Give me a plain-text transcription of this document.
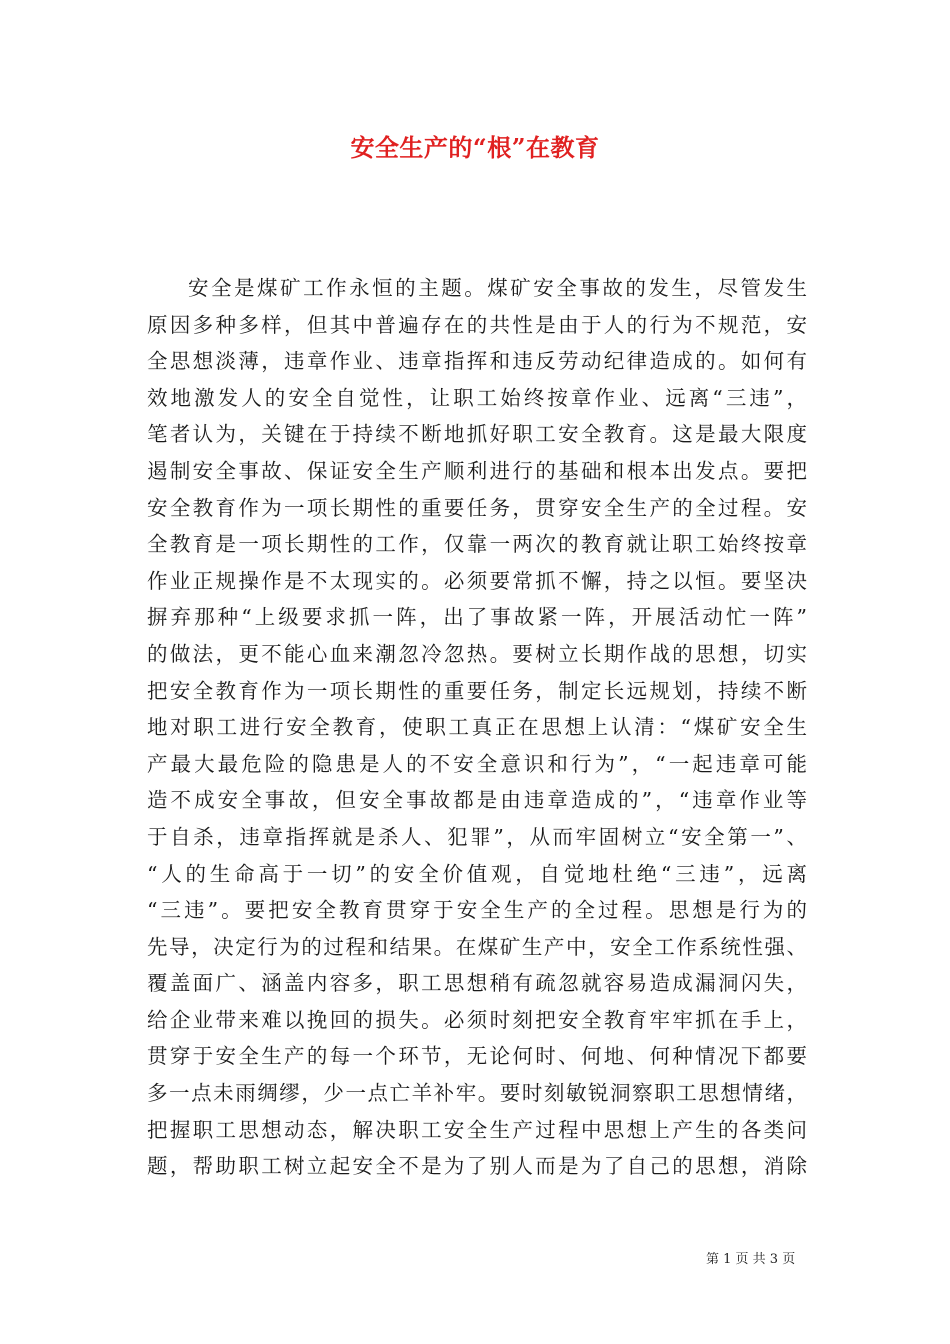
安全生产的“根”在教育
安全是煤矿工作永恒的主题。煤矿安全事故的发生，尽管发生
原因多种多样，但其中普遍存在的共性是由于人的行为不规范，安
全思想淡薄，违章作业、违章指挥和违反劳动纪律造成的。如何有
效地激发人的安全自觉性，让职工始终按章作业、远离“三违”，
笔者认为，关键在于持续不断地抓好职工安全教育。这是最大限度
遏制安全事故、保证安全生产顺利进行的基础和根本出发点。要把
安全教育作为一项长期性的重要任务，贯穿安全生产的全过程。安
全教育是一项长期性的工作，仅靠一两次的教育就让职工始终按章
作业正规操作是不太现实的。必须要常抓不懈，持之以恒。要坚决
摒弃那种“上级要求抓一阵，出了事故紧一阵，开展活动忙一阵”
的做法，更不能心血来潮忽冷忽热。要树立长期作战的思想，切实
把安全教育作为一项长期性的重要任务，制定长远规划，持续不断
地对职工进行安全教育，使职工真正在思想上认清：“煤矿安全生
产最大最危险的隐患是人的不安全意识和行为”，“一起违章可能
造不成安全事故，但安全事故都是由违章造成的”，“违章作业等
于自杀，违章指挥就是杀人、犯罪”，从而牢固树立“安全第一”、
“人的生命高于一切”的安全价值观，自觉地杜绝“三违”，远离
“三违”。要把安全教育贯穿于安全生产的全过程。思想是行为的
先导，决定行为的过程和结果。在煤矿生产中，安全工作系统性强、
覆盖面广、涵盖内容多，职工思想稍有疏忽就容易造成漏洞闪失，
给企业带来难以挽回的损失。必须时刻把安全教育牢牢抓在手上，
贯穿于安全生产的每一个环节，无论何时、何地、何种情况下都要
多一点未雨绸缪，少一点亡羊补牢。要时刻敏锐洞察职工思想情绪，
把握职工思想动态，解决职工安全生产过程中思想上产生的各类问
题，帮助职工树立起安全不是为了别人而是为了自己的思想，消除
第 1 页 共 3 页
